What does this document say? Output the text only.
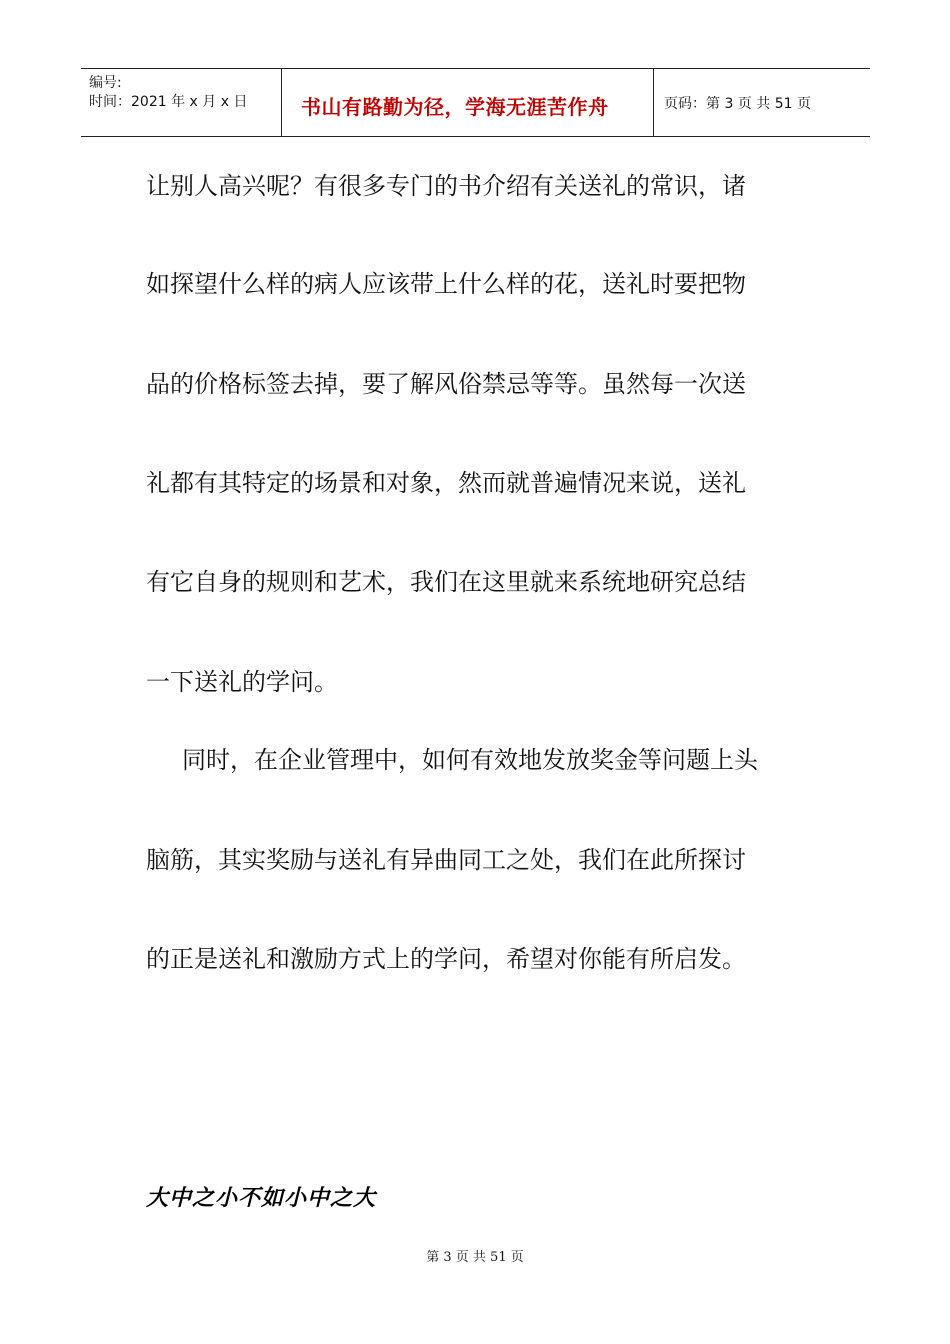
编号:
时间：2021 年 x 月 x 日	书山有路勤为径，学海无涯苦作舟	页码：第 3 页 共 51 页
让别人高兴呢？有很多专门的书介绍有关送礼的常识，诸
如探望什么样的病人应该带上什么样的花，送礼时要把物
品的价格标签去掉，要了解风俗禁忌等等。虽然每一次送
礼都有其特定的场景和对象，然而就普遍情况来说，送礼
有它自身的规则和艺术，我们在这里就来系统地研究总结
一下送礼的学问。
同时，在企业管理中，如何有效地发放奖金等问题上头
脑筋，其实奖励与送礼有异曲同工之处，我们在此所探讨
的正是送礼和激励方式上的学问，希望对你能有所启发。
大中之小不如小中之大
第 3 页 共 51 页
